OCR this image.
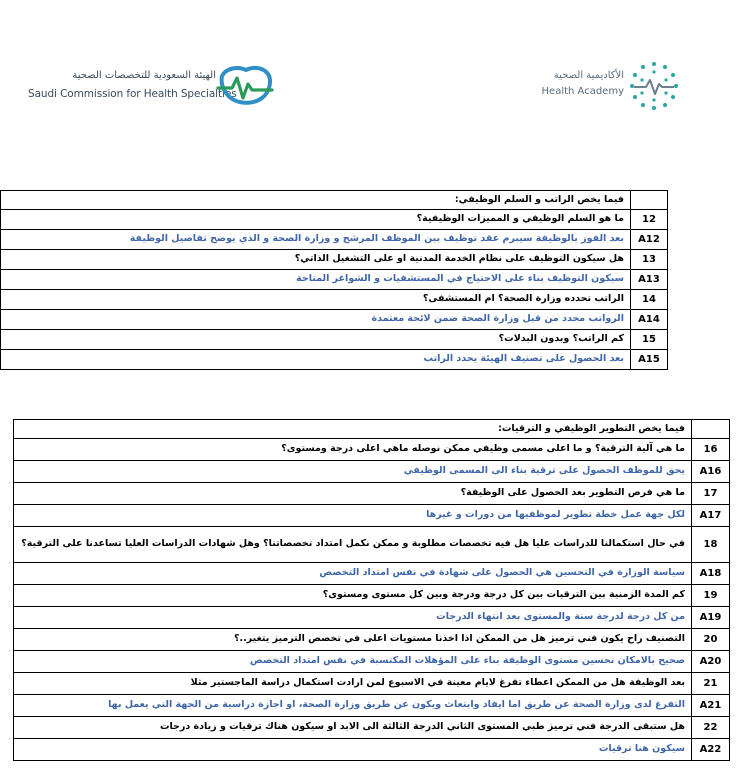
الهيئة السعودية للتخصصات الصحية
Saudi Commission for Health Specialties
الأكاديمية الصحية
Health Academy
فيما يخص الراتب و السلم الوظيفي:	
ما هو السلم الوظيفي و المميزات الوظيفية؟	12
بعد الفوز بالوظيفة سيبرم عقد توظيف بين الموظف المرشح و وزارة الصحة و الذي يوضح تفاصيل الوظيفة	A12
هل سيكون التوظيف على نظام الخدمة المدنية او على التشغيل الذاتي؟	13
سيكون التوظيف بناء على الاحتياج في المستشفيات و الشواغر المتاحة	A13
الراتب تحدده وزارة الصحة؟ ام المستشفى؟	14
الرواتب محدد من قبل وزارة الصحة ضمن لائحة معتمدة	A14
كم الراتب؟ وبدون البدلات؟	15
بعد الحصول على تصنيف الهيئة يحدد الراتب	A15
فيما يخص التطوير الوظيفي و الترقيات:	
ما هي آلية الترقية؟ و ما اعلى مسمى وظيفي ممكن نوصله ماهي اعلى درجة ومستوى؟	16
يحق للموظف الحصول على ترقية بناء الى المسمى الوظيفي	A16
ما هي فرص التطوير بعد الحصول على الوظيفة؟	17
لكل جهة عمل خطة تطوير لموظفيها من دورات و غيرها	A17
في حال استكمالنا للدراسات عليا هل فيه تخصصات مطلوبة و ممكن نكمل امتداد تخصصاتنا؟ وهل شهادات الدراسات العليا تساعدنا على الترقية؟	18
سياسة الوزارة في التحسين هي الحصول على شهادة في نفس امتداد التخصص	A18
كم المدة الزمنية بين الترقيات بين كل درجة ودرجة وبين كل مستوى ومستوى؟	19
من كل درجة لدرجة سنة والمستوى بعد انتهاء الدرجات	A19
التصنيف راح يكون فني ترميز هل من الممكن اذا اخذنا مستويات اعلى في تخصص الترميز يتغير..؟	20
صحيح بالامكان تحسين مستوى الوظيفة بناء على المؤهلات المكتسبة في نفس امتداد التخصص	A20
بعد الوظيفة هل من الممكن اعطاء تفرغ لايام معينة في الاسبوع لمن ارادت استكمال دراسة الماجستير مثلا	21
التفرغ لدى وزارة الصحة عن طريق اما ايفاد وابتعاث ويكون عن طريق وزارة الصحة، او اجازة دراسية من الجهة التي يعمل بها	A21
هل ستبقى الدرجة فني ترميز طبي المستوى الثاني الدرجة الثالثة الى الابد او سيكون هناك ترقيات و زيادة درجات	22
سيكون هنا ترقيات	A22
